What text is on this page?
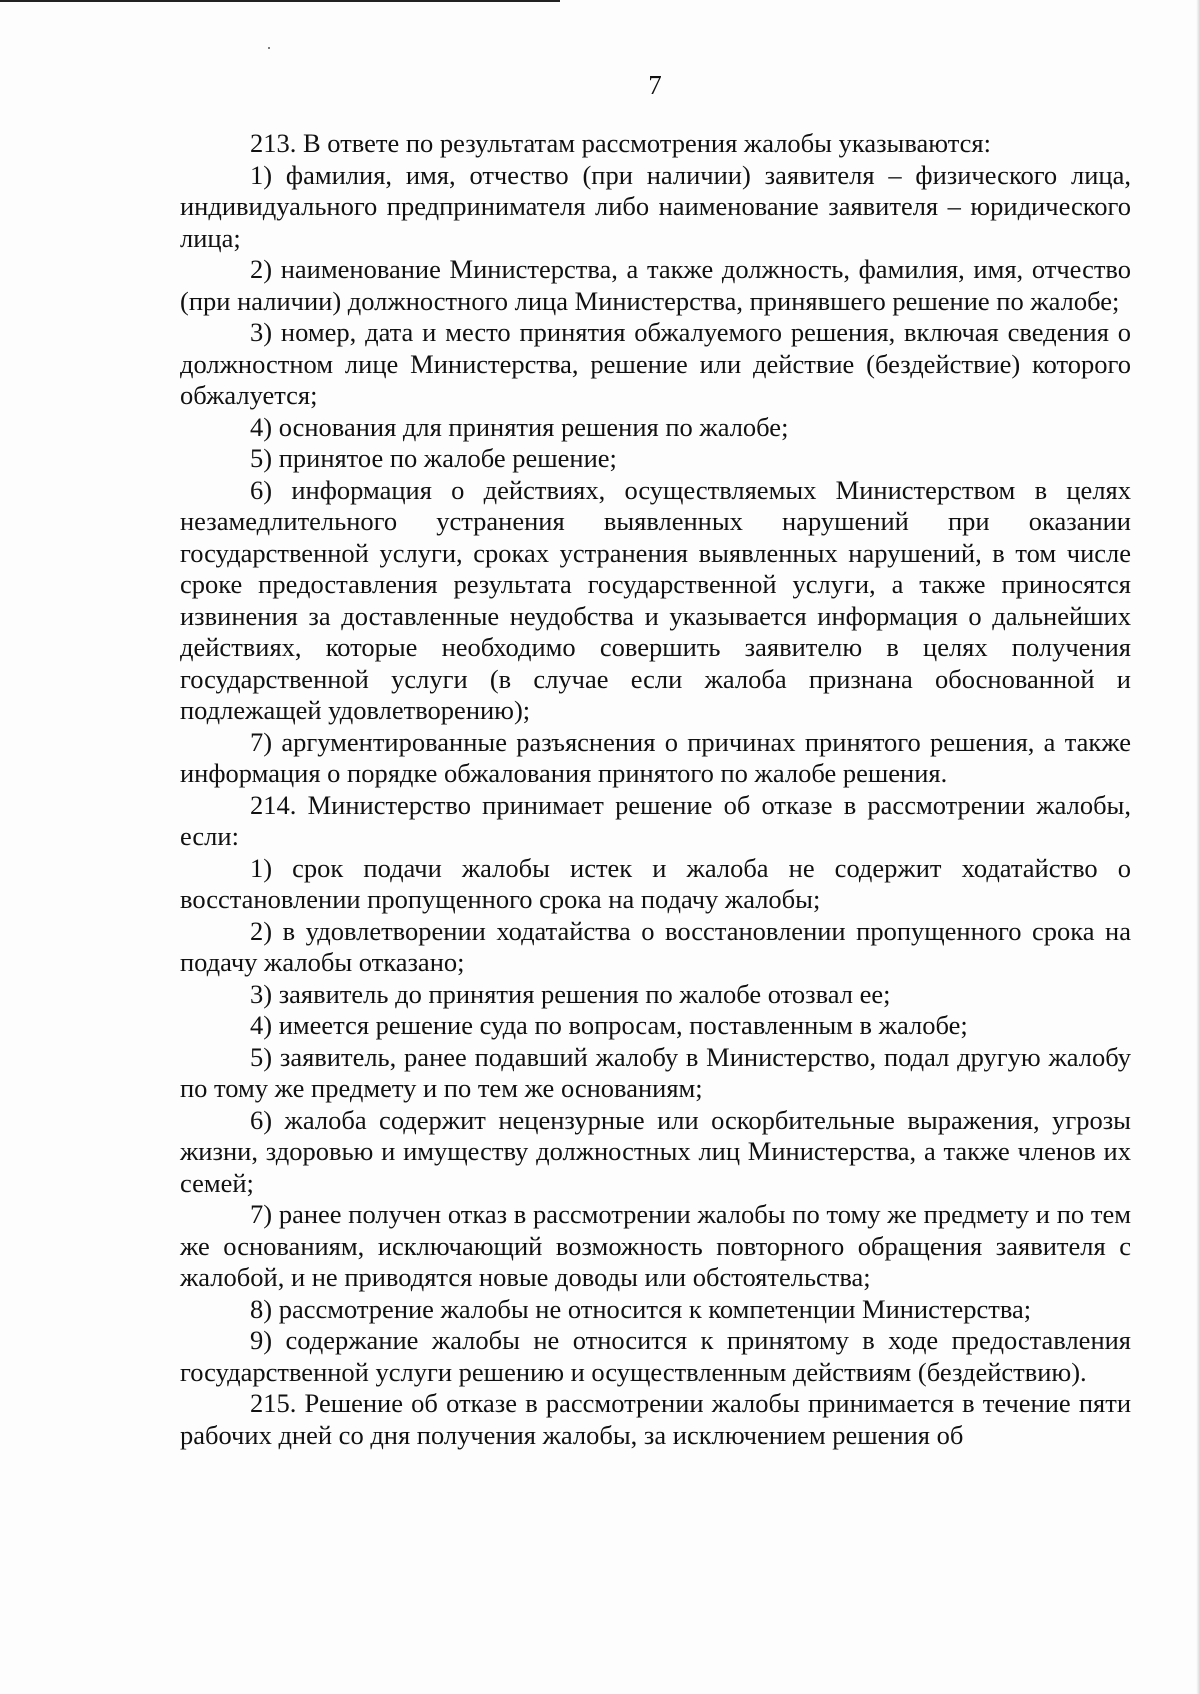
7

213. В ответе по результатам рассмотрения жалобы указываются:

1) фамилия, имя, отчество (при наличии) заявителя – физического лица, индивидуального предпринимателя либо наименование заявителя – юридического лица;

2) наименование Министерства, а также должность, фамилия, имя, отчество (при наличии) должностного лица Министерства, принявшего решение по жалобе;

3) номер, дата и место принятия обжалуемого решения, включая сведения о должностном лице Министерства, решение или действие (бездействие) которого обжалуется;

4) основания для принятия решения по жалобе;

5) принятое по жалобе решение;

6) информация о действиях, осуществляемых Министерством в целях незамедлительного устранения выявленных нарушений при оказании государственной услуги, сроках устранения выявленных нарушений, в том числе сроке предоставления результата государственной услуги, а также приносятся извинения за доставленные неудобства и указывается информация о дальнейших действиях, которые необходимо совершить заявителю в целях получения государственной услуги (в случае если жалоба признана обоснованной и подлежащей удовлетворению);

7) аргументированные разъяснения о причинах принятого решения, а также информация о порядке обжалования принятого по жалобе решения.

214. Министерство принимает решение об отказе в рассмотрении жалобы, если:

1) срок подачи жалобы истек и жалоба не содержит ходатайство о восстановлении пропущенного срока на подачу жалобы;

2) в удовлетворении ходатайства о восстановлении пропущенного срока на подачу жалобы отказано;

3) заявитель до принятия решения по жалобе отозвал ее;

4) имеется решение суда по вопросам, поставленным в жалобе;

5) заявитель, ранее подавший жалобу в Министерство, подал другую жалобу по тому же предмету и по тем же основаниям;

6) жалоба содержит нецензурные или оскорбительные выражения, угрозы жизни, здоровью и имуществу должностных лиц Министерства, а также членов их семей;

7) ранее получен отказ в рассмотрении жалобы по тому же предмету и по тем же основаниям, исключающий возможность повторного обращения заявителя с жалобой, и не приводятся новые доводы или обстоятельства;

8) рассмотрение жалобы не относится к компетенции Министерства;

9) содержание жалобы не относится к принятому в ходе предоставления государственной услуги решению и осуществленным действиям (бездействию).

215. Решение об отказе в рассмотрении жалобы принимается в течение пяти рабочих дней со дня получения жалобы, за исключением решения об
